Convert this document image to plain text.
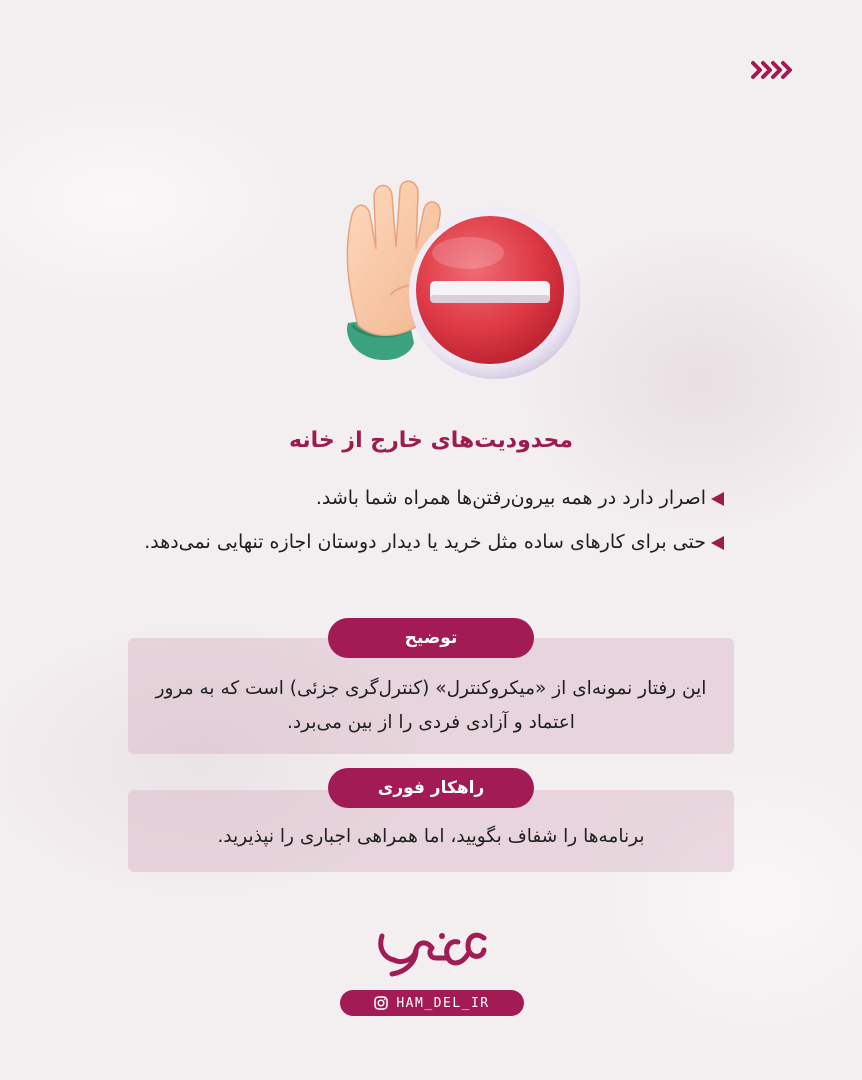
محدودیت‌های خارج از خانه
اصرار دارد در همه بیرون‌رفتن‌ها همراه شما باشد.
حتی برای کارهای ساده مثل خرید یا دیدار دوستان اجازه تنهایی نمی‌دهد.
این رفتار نمونه‌ای از «میکروکنترل» (کنترل‌گری جزئی) است که به مرور اعتماد و آزادی فردی را از بین می‌برد.
توضیح
برنامه‌ها را شفاف بگویید، اما همراهی اجباری را نپذیرید.
راهکار فوری
HAM_DEL_IR
